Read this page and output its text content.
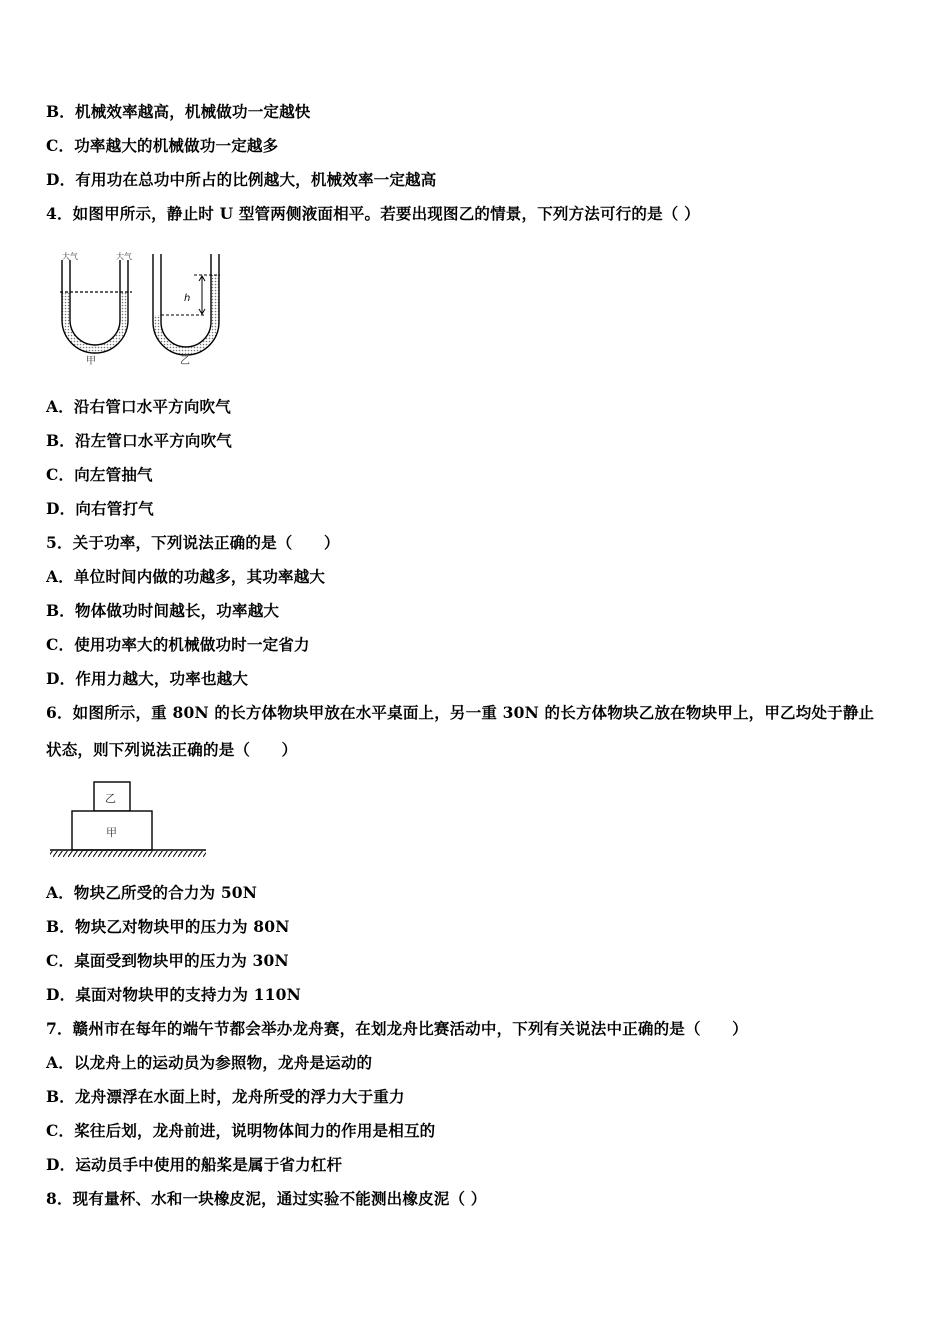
B．机械效率越高，机械做功一定越快
C．功率越大的机械做功一定越多
D．有用功在总功中所占的比例越大，机械效率一定越高
4．如图甲所示，静止时 U 型管两侧液面相平。若要出现图乙的情景，下列方法可行的是（ ）
大气	大气
甲
h
乙
A．沿右管口水平方向吹气
B．沿左管口水平方向吹气
C．向左管抽气
D．向右管打气
5．关于功率，下列说法正确的是（　　）
A．单位时间内做的功越多，其功率越大
B．物体做功时间越长，功率越大
C．使用功率大的机械做功时一定省力
D．作用力越大，功率也越大
6．如图所示，重 80N 的长方体物块甲放在水平桌面上，另一重 30N 的长方体物块乙放在物块甲上，甲乙均处于静止
状态，则下列说法正确的是（　　）
乙
甲
A．物块乙所受的合力为 50N
B．物块乙对物块甲的压力为 80N
C．桌面受到物块甲的压力为 30N
D．桌面对物块甲的支持力为 110N
7．赣州市在每年的端午节都会举办龙舟赛，在划龙舟比赛活动中，下列有关说法中正确的是（　　）
A．以龙舟上的运动员为参照物，龙舟是运动的
B．龙舟漂浮在水面上时，龙舟所受的浮力大于重力
C．桨往后划，龙舟前进，说明物体间力的作用是相互的
D．运动员手中使用的船桨是属于省力杠杆
8．现有量杯、水和一块橡皮泥，通过实验不能测出橡皮泥（ ）
